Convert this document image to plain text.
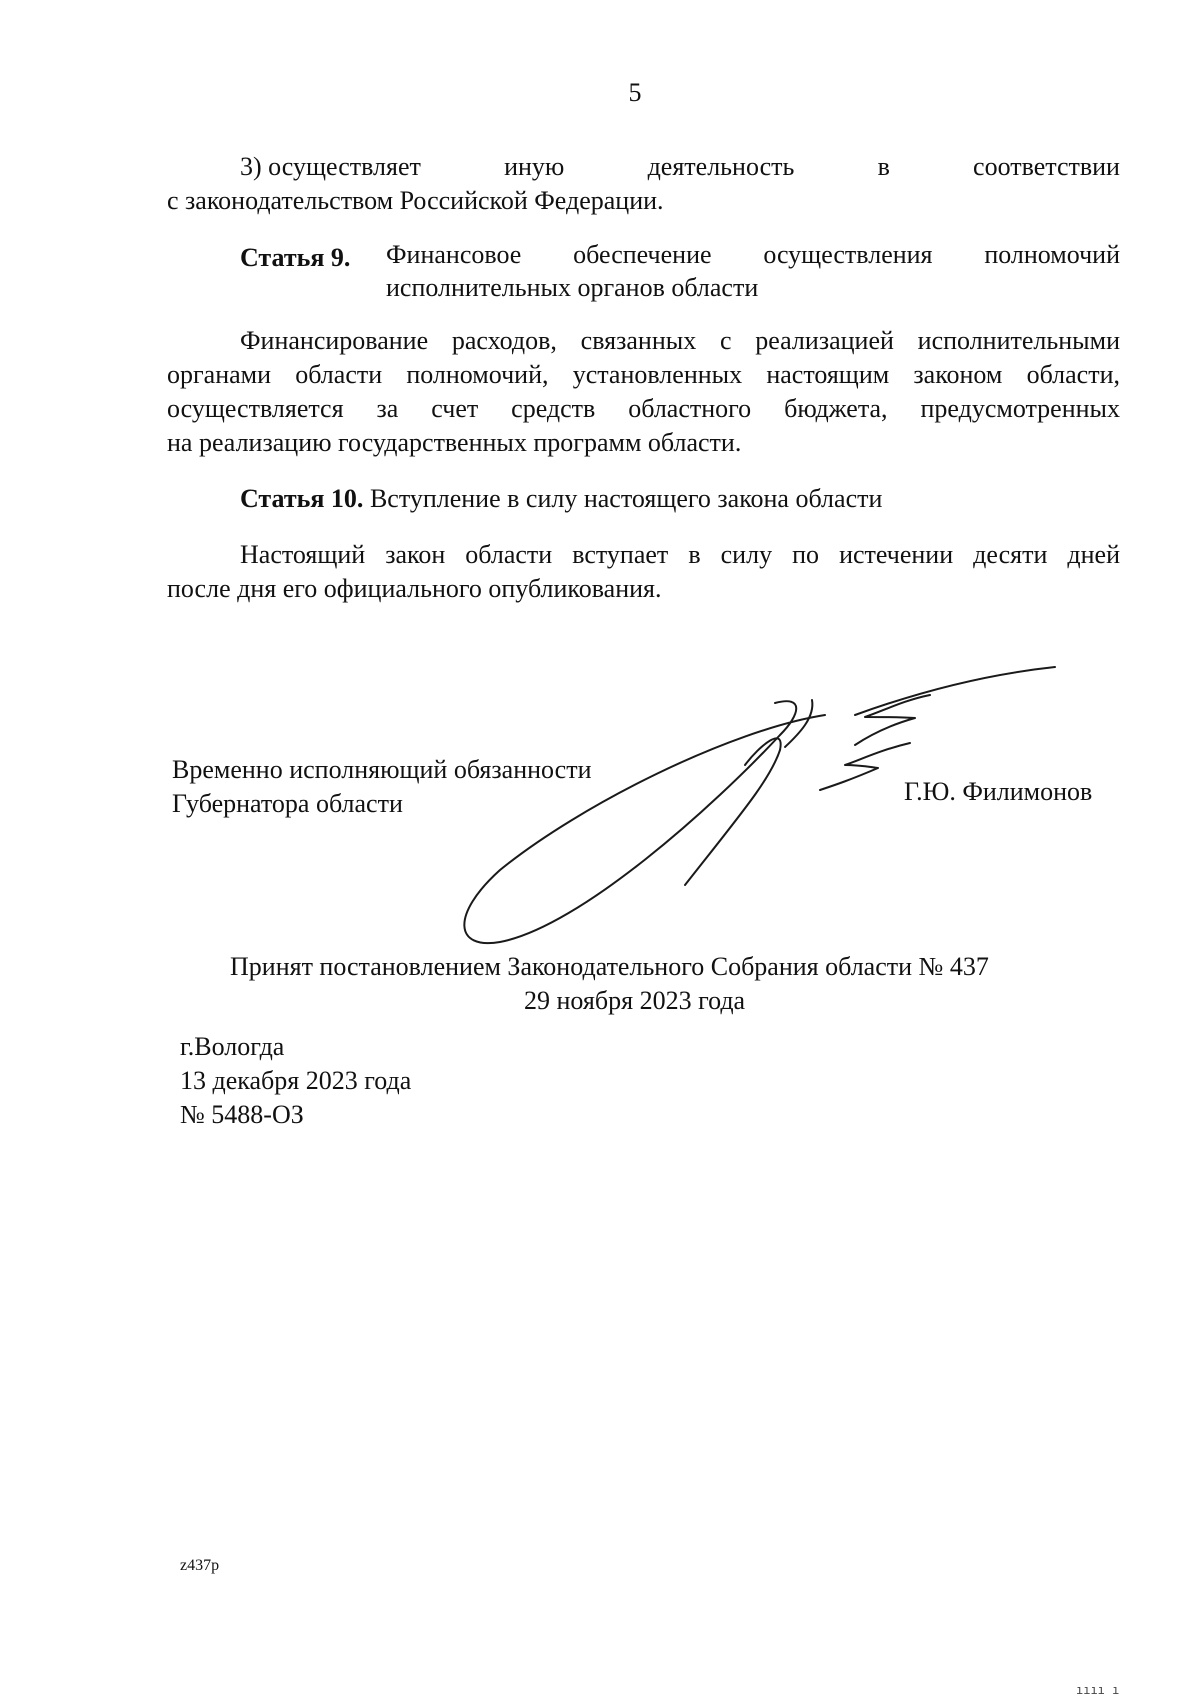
5
3) осуществляет	иную	деятельность	в	соответствии
с законодательством Российской Федерации.
Статья 9. Финансовое обеспечение осуществления полномочий
исполнительных органов области
Финансирование расходов, связанных с реализацией исполнительными
органами области полномочий, установленных настоящим законом области,
осуществляется за счет средств областного бюджета, предусмотренных
на реализацию государственных программ области.
Статья 10. Вступление в силу настоящего закона области
Настоящий закон области вступает в силу по истечении десяти дней
после дня его официального опубликования.
Временно исполняющий обязанности
Губернатора области	Г.Ю. Филимонов
Принят постановлением Законодательного Собрания области № 437
29 ноября 2023 года
г.Вологда
13 декабря 2023 года
№ 5488-ОЗ
z437р
ıııı ı
